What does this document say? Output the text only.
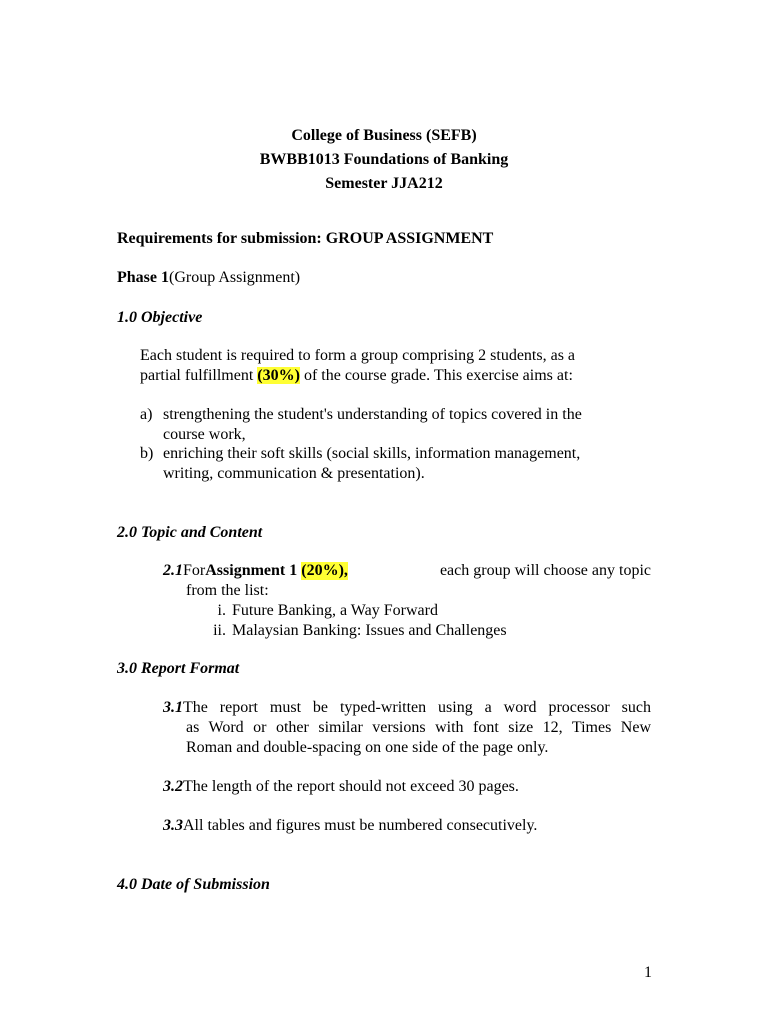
College of Business (SEFB)
BWBB1013 Foundations of Banking
Semester JJA212
Requirements for submission: GROUP ASSIGNMENT
Phase 1(Group Assignment)
1.0 Objective
Each student is required to form a group comprising 2 students, as a
partial fulfillment (30%) of the course grade. This exercise aims at:
a) strengthening the student's understanding of topics covered in the
course work,
b) enriching their soft skills (social skills, information management,
writing, communication & presentation).
2.0 Topic and Content
2.1 For Assignment 1 (20%),	each group will choose any topic
from the list:
i. Future Banking, a Way Forward
ii. Malaysian Banking: Issues and Challenges
3.0 Report Format
3.1 The report must be typed-written using a word processor such
as Word or other similar versions with font size 12, Times New
Roman and double-spacing on one side of the page only.
3.2The length of the report should not exceed 30 pages.
3.3All tables and figures must be numbered consecutively.
4.0 Date of Submission
1
